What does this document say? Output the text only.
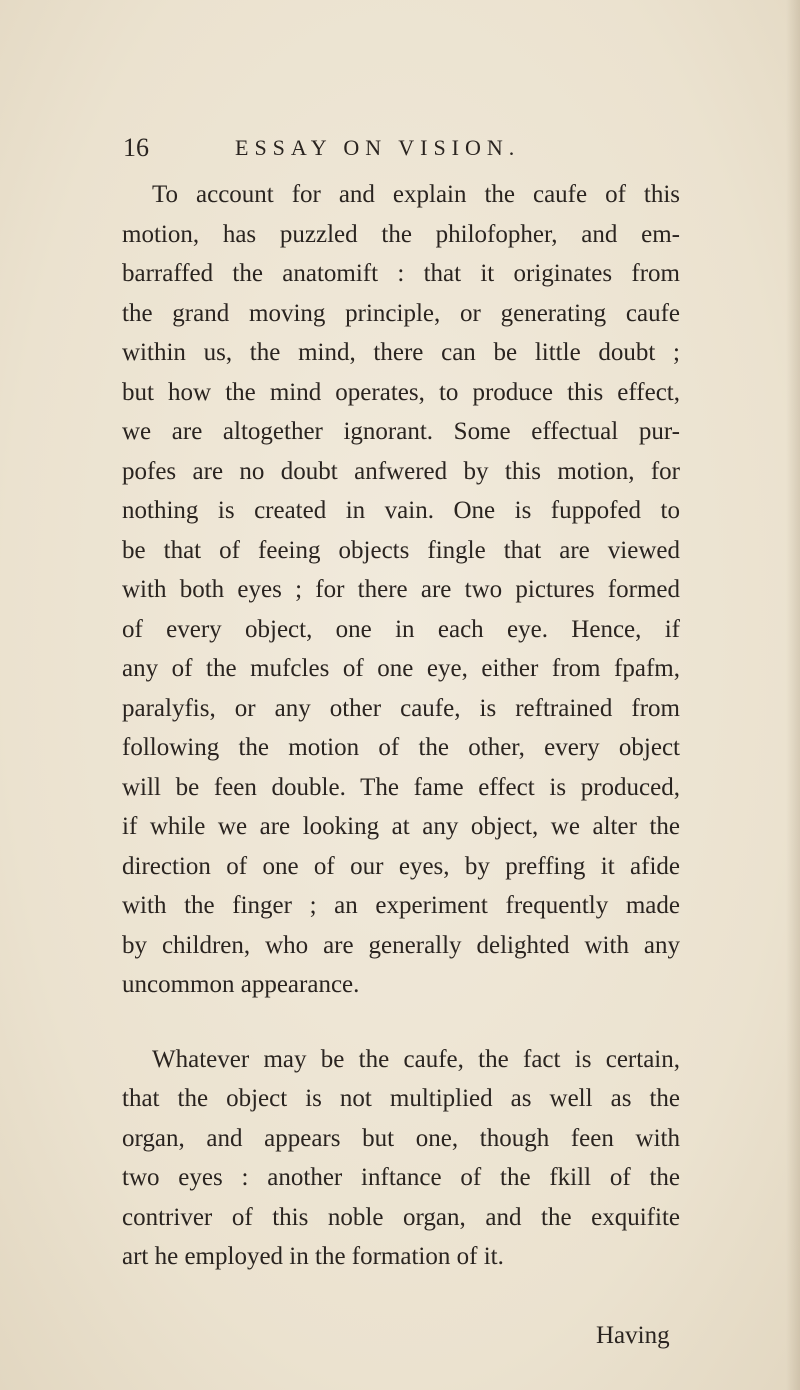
16	ESSAY ON VISION.
To account for and explain the caufe of this
motion, has puzzled the philofopher, and em-
barraffed the anatomift : that it originates from
the grand moving principle, or generating caufe
within us, the mind, there can be little doubt ;
but how the mind operates, to produce this effect,
we are altogether ignorant. Some effectual pur-
pofes are no doubt anfwered by this motion, for
nothing is created in vain. One is fuppofed to
be that of feeing objects fingle that are viewed
with both eyes ; for there are two pictures formed
of every object, one in each eye. Hence, if
any of the mufcles of one eye, either from fpafm,
paralyfis, or any other caufe, is reftrained from
following the motion of the other, every object
will be feen double. The fame effect is produced,
if while we are looking at any object, we alter the
direction of one of our eyes, by preffing it afide
with the finger ; an experiment frequently made
by children, who are generally delighted with any
uncommon appearance.
Whatever may be the caufe, the fact is certain,
that the object is not multiplied as well as the
organ, and appears but one, though feen with
two eyes : another inftance of the fkill of the
contriver of this noble organ, and the exquifite
art he employed in the formation of it.
Having
